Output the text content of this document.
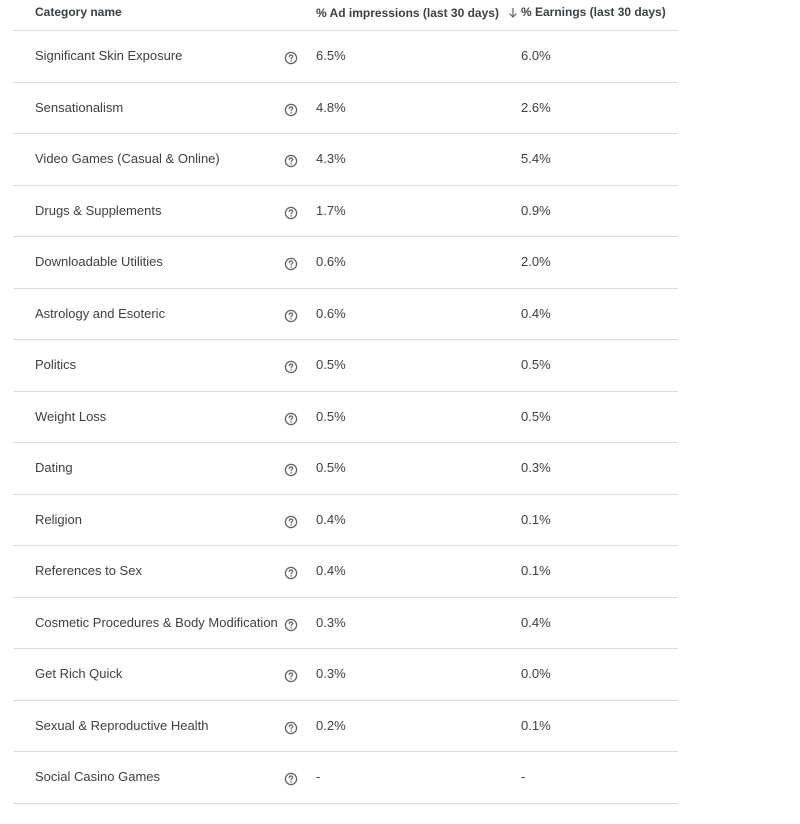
Category name	% Ad impressions (last 30 days) % Earnings (last 30 days)
Significant Skin Exposure	6.5%	6.0%
Sensationalism	4.8%	2.6%
Video Games (Casual & Online)	4.3%	5.4%
Drugs & Supplements	1.7%	0.9%
Downloadable Utilities	0.6%	2.0%
Astrology and Esoteric	0.6%	0.4%
Politics	0.5%	0.5%
Weight Loss	0.5%	0.5%
Dating	0.5%	0.3%
Religion	0.4%	0.1%
References to Sex	0.4%	0.1%
Cosmetic Procedures & Body Modification	0.3%	0.4%
Get Rich Quick	0.3%	0.0%
Sexual & Reproductive Health	0.2%	0.1%
Social Casino Games	-	-
